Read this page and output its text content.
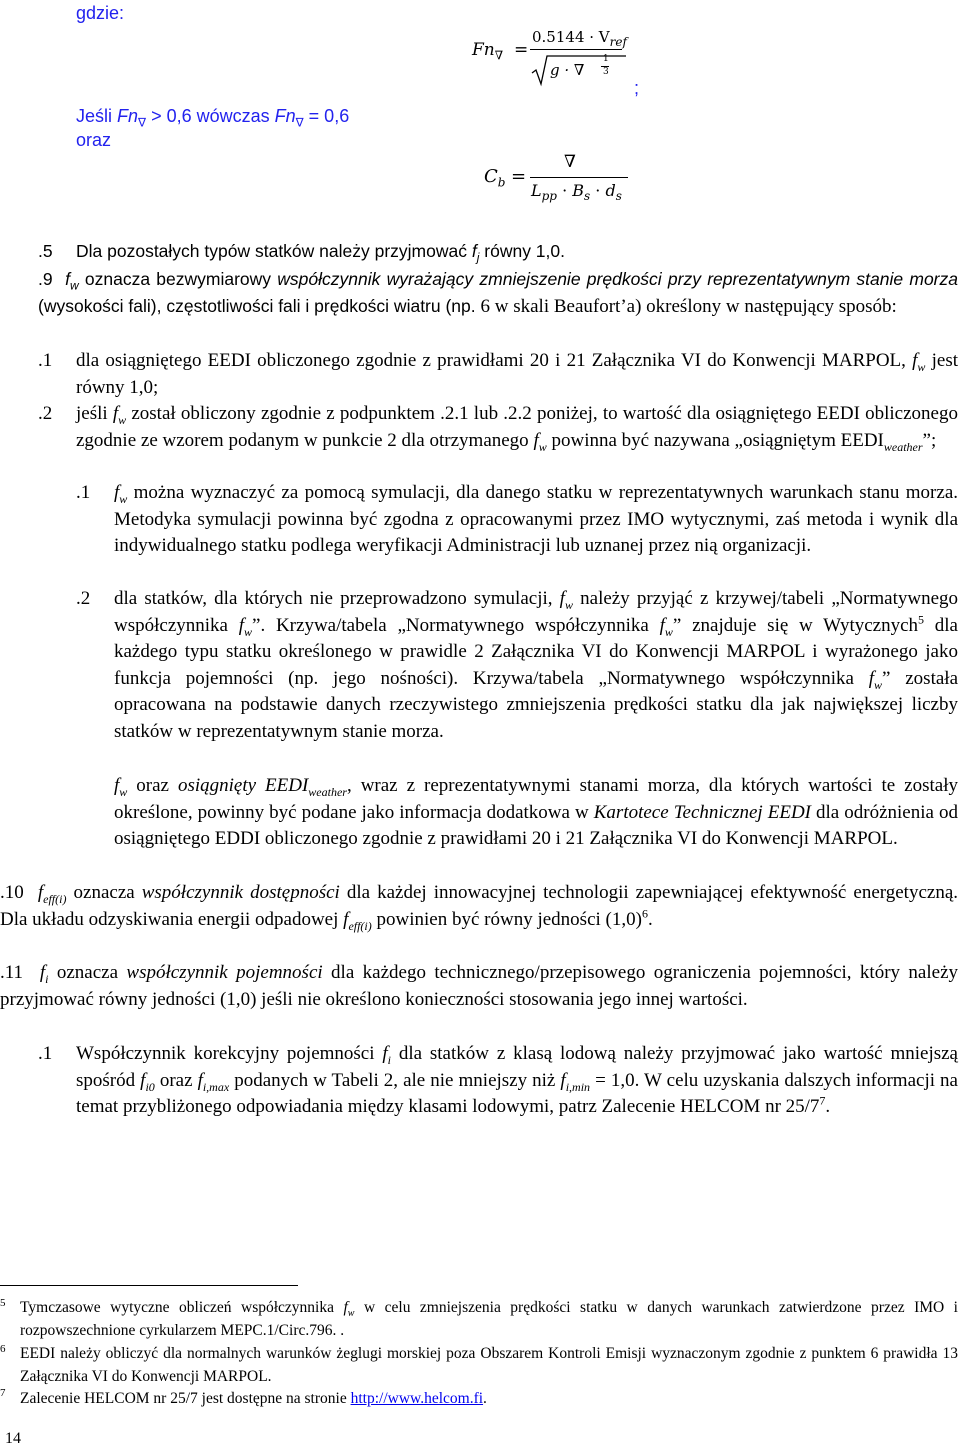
gdzie:
Jeśli $Fn_\nabla > 0,6$ wówczas $Fn_\nabla = 0,6$
oraz
;
$Fn_\nabla$ =
$0.5144 \cdot V_{ref}$
g · ∇
1
3
$C_b$ =
∇
$L_{pp} \cdot B_s \cdot d_s$
.5 Dla pozostałych typów statków należy przyjmować $f_j$ równy 1,0.
.9 $f_w$ oznacza bezwymiarowy współczynnik wyrażający zmniejszenie prędkości przy reprezentatywnym stanie morza (wysokości fali), częstotliwości fali i prędkości wiatru (np. 6 w skali Beaufort’a) określony w następujący sposób:
.1 dla osiągniętego EEDI obliczonego zgodnie z prawidłami 20 i 21 Załącznika VI do Konwencji MARPOL, $f_w$ jest równy 1,0;
.2 jeśli $f_w$ został obliczony zgodnie z podpunktem .2.1 lub .2.2 poniżej, to wartość dla osiągniętego EEDI obliczonego zgodnie ze wzorem podanym w punkcie 2 dla otrzymanego $f_w$ powinna być nazywana „osiągniętym $EEDI_{weather}$”;
.1 $f_w$ można wyznaczyć za pomocą symulacji, dla danego statku w reprezentatywnych warunkach stanu morza. Metodyka symulacji powinna być zgodna z opracowanymi przez IMO wytycznymi, zaś metoda i wynik dla indywidualnego statku podlega weryfikacji Administracji lub uznanej przez nią organizacji.
.2 dla statków, dla których nie przeprowadzono symulacji, $f_w$ należy przyjąć z krzywej/tabeli „Normatywnego współczynnika $f_w$”. Krzywa/tabela „Normatywnego współczynnika $f_w$” znajduje się w Wytycznych$^5$ dla każdego typu statku określonego w prawidle 2 Załącznika VI do Konwencji MARPOL i wyrażonego jako funkcja pojemności (np. jego nośności). Krzywa/tabela „Normatywnego współczynnika $f_w$” została opracowana na podstawie danych rzeczywistego zmniejszenia prędkości statku dla jak największej liczby statków w reprezentatywnym stanie morza.
$f_w$ oraz osiągnięty $EEDI_{weather}$, wraz z reprezentatywnymi stanami morza, dla których wartości te zostały określone, powinny być podane jako informacja dodatkowa w Kartotece Technicznej EEDI dla odróżnienia od osiągniętego EDDI obliczonego zgodnie z prawidłami 20 i 21 Załącznika VI do Konwencji MARPOL.
.10 $f_{eff(i)}$ oznacza współczynnik dostępności dla każdej innowacyjnej technologii zapewniającej efektywność energetyczną. Dla układu odzyskiwania energii odpadowej $f_{eff(i)}$ powinien być równy jedności $(1,0)^6$.
.11 $f_i$ oznacza współczynnik pojemności dla każdego technicznego/przepisowego ograniczenia pojemności, który należy przyjmować równy jedności (1,0) jeśli nie określono konieczności stosowania jego innej wartości.
.1 Współczynnik korekcyjny pojemności $f_i$ dla statków z klasą lodową należy przyjmować jako wartość mniejszą spośród $f_{i0}$ oraz $f_{i,max}$ podanych w Tabeli 2, ale nie mniejszy niż $f_{i,min} = 1,0$. W celu uzyskania dalszych informacji na temat przybliżonego odpowiadania między klasami lodowymi, patrz Zalecenie HELCOM nr $25/7^7$.
5 Tymczasowe wytyczne obliczeń współczynnika $f_w$ w celu zmniejszenia prędkości statku w danych warunkach zatwierdzone przez IMO i rozpowszechnione cyrkularzem MEPC.1/Circ.796. .
6 EEDI należy obliczyć dla normalnych warunków żeglugi morskiej poza Obszarem Kontroli Emisji wyznaczonym zgodnie z punktem 6 prawidła 13 Załącznika VI do Konwencji MARPOL.
7 Zalecenie HELCOM nr 25/7 jest dostępne na stronie http://www.helcom.fi.
14
